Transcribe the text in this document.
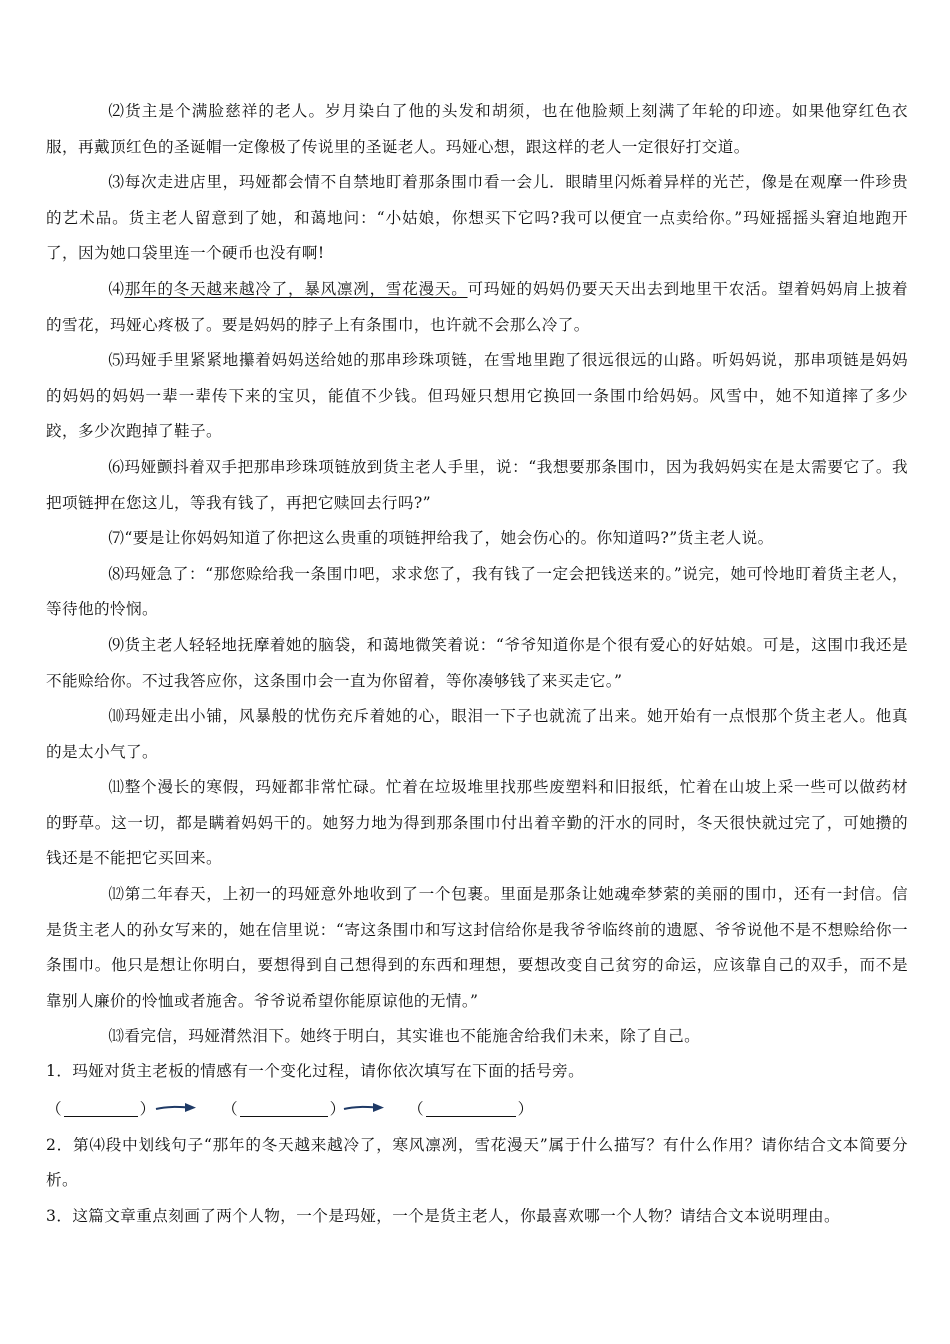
⑵货主是个满脸慈祥的老人。岁月染白了他的头发和胡须，也在他脸颊上刻满了年轮的印迹。如果他穿红色衣服，再戴顶红色的圣诞帽一定像极了传说里的圣诞老人。玛娅心想，跟这样的老人一定很好打交道。

⑶每次走进店里，玛娅都会情不自禁地盯着那条围巾看一会儿．眼睛里闪烁着异样的光芒，像是在观摩一件珍贵的艺术品。货主老人留意到了她，和蔼地问：“小姑娘，你想买下它吗?我可以便宜一点卖给你。”玛娅摇摇头窘迫地跑开了，因为她口袋里连一个硬币也没有啊!

⑷那年的冬天越来越冷了，暴风凛冽，雪花漫天。可玛娅的妈妈仍要天天出去到地里干农活。望着妈妈肩上披着的雪花，玛娅心疼极了。要是妈妈的脖子上有条围巾，也许就不会那么冷了。

⑸玛娅手里紧紧地攥着妈妈送给她的那串珍珠项链，在雪地里跑了很远很远的山路。听妈妈说，那串项链是妈妈的妈妈的妈妈一辈一辈传下来的宝贝，能值不少钱。但玛娅只想用它换回一条围巾给妈妈。风雪中，她不知道摔了多少跤，多少次跑掉了鞋子。

⑹玛娅颤抖着双手把那串珍珠项链放到货主老人手里，说：“我想要那条围巾，因为我妈妈实在是太需要它了。我把项链押在您这儿，等我有钱了，再把它赎回去行吗?”

⑺“要是让你妈妈知道了你把这么贵重的项链押给我了，她会伤心的。你知道吗?”货主老人说。

⑻玛娅急了：“那您赊给我一条围巾吧，求求您了，我有钱了一定会把钱送来的。”说完，她可怜地盯着货主老人，等待他的怜悯。

⑼货主老人轻轻地抚摩着她的脑袋，和蔼地微笑着说：“爷爷知道你是个很有爱心的好姑娘。可是，这围巾我还是不能赊给你。不过我答应你，这条围巾会一直为你留着，等你凑够钱了来买走它。”

⑽玛娅走出小铺，风暴般的忧伤充斥着她的心，眼泪一下子也就流了出来。她开始有一点恨那个货主老人。他真的是太小气了。

⑾整个漫长的寒假，玛娅都非常忙碌。忙着在垃圾堆里找那些废塑料和旧报纸，忙着在山坡上采一些可以做药材的野草。这一切，都是瞒着妈妈干的。她努力地为得到那条围巾付出着辛勤的汗水的同时，冬天很快就过完了，可她攒的钱还是不能把它买回来。

⑿第二年春天，上初一的玛娅意外地收到了一个包裹。里面是那条让她魂牵梦萦的美丽的围巾，还有一封信。信是货主老人的孙女写来的，她在信里说：“寄这条围巾和写这封信给你是我爷爷临终前的遗愿、爷爷说他不是不想赊给你一条围巾。他只是想让你明白，要想得到自己想得到的东西和理想，要想改变自己贫穷的命运，应该靠自己的双手，而不是靠别人廉价的怜恤或者施舍。爷爷说希望你能原谅他的无情。”

⒀看完信，玛娅潸然泪下。她终于明白，其实谁也不能施舍给我们未来，除了自己。

1．玛娅对货主老板的情感有一个变化过程，请你依次填写在下面的括号旁。

（	）	（	）	（	）

2．第⑷段中划线句子“那年的冬天越来越冷了，寒风凛冽，雪花漫天”属于什么描写？有什么作用？请你结合文本简要分析。

3．这篇文章重点刻画了两个人物，一个是玛娅，一个是货主老人，你最喜欢哪一个人物？请结合文本说明理由。
